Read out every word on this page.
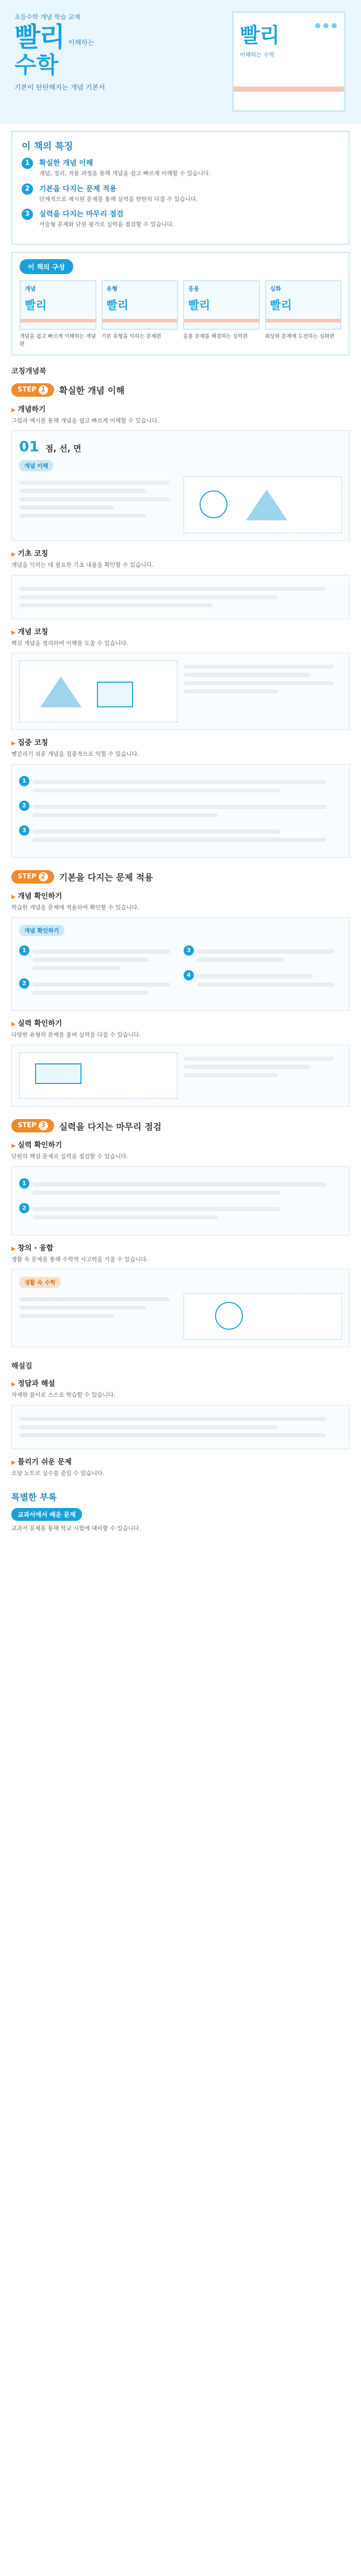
초등수학 개념 학습 교재
빨리 이해하는
수학
기본이 탄탄해지는 개념 기본서
빨리
이해하는 수학
이 책의 특징
1	확실한 개념 이해
개념, 정리, 적용 과정을 통해 개념을 쉽고 빠르게 이해할 수 있습니다.
2	기본을 다지는 문제 적용
단계적으로 제시된 문제를 통해 실력을 탄탄히 다질 수 있습니다.
3	실력을 다지는 마무리 점검
서술형 문제와 단원 평가로 실력을 점검할 수 있습니다.
이 책의 구성
개념
빨리
개념을 쉽고 빠르게 이해하는 개념편
유형
빨리
기본 유형을 익히는 문제편
응용
빨리
응용 문제를 해결하는 실력편
심화
빨리
최상위 문제에 도전하는 심화편
코칭개념북
STEP 1	확실한 개념 이해
▶ 개념하기
그림과 예시를 통해 개념을 쉽고 빠르게 이해할 수 있습니다.
01 점, 선, 면
개념 이해
▶ 기초 코칭
개념을 익히는 데 필요한 기초 내용을 확인할 수 있습니다.
▶ 개념 코칭
핵심 개념을 정리하여 이해를 도울 수 있습니다.
▶ 집중 코칭
헷갈리기 쉬운 개념을 집중적으로 익힐 수 있습니다.
1
2
3
STEP 2	기본을 다지는 문제 적용
▶ 개념 확인하기
학습한 개념을 문제에 적용하여 확인할 수 있습니다.
개념 확인하기
1
2
3
4
▶ 실력 확인하기
다양한 유형의 문제를 풀며 실력을 다질 수 있습니다.
STEP 3	실력을 다지는 마무리 점검
▶ 실력 확인하기
단원의 핵심 문제로 실력을 점검할 수 있습니다.
1
2
▶ 창의 · 융합
생활 속 문제를 통해 수학적 사고력을 키울 수 있습니다.
생활 속 수학
해설집
▶ 정답과 해설
자세한 풀이로 스스로 학습할 수 있습니다.
▶ 틀리기 쉬운 문제
오답 노트로 실수를 줄일 수 있습니다.
특별한 부록
교과서에서 배운 문제
교과서 문제를 통해 학교 시험에 대비할 수 있습니다.
